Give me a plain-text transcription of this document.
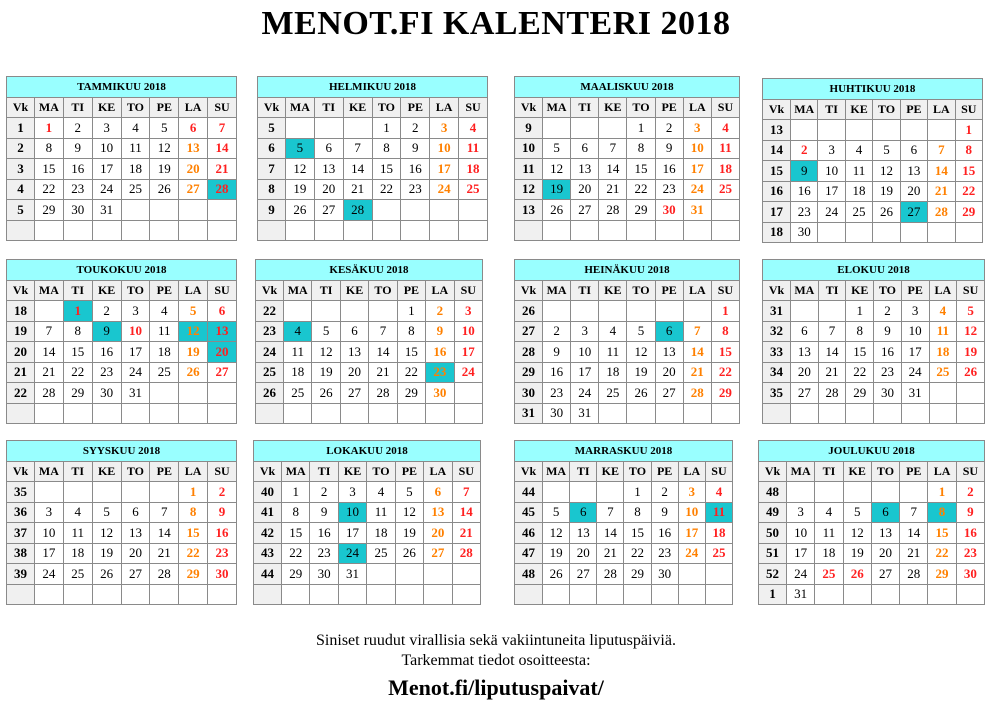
MENOT.FI KALENTERI 2018
TAMMIKUU 2018							
Vk	MA	TI	KE	TO	PE	LA	SU
1	1	2	3	4	5	6	7
2	8	9	10	11	12	13	14
3	15	16	17	18	19	20	21
4	22	23	24	25	26	27	28
5	29	30	31				

HELMIKUU 2018							
Vk	MA	TI	KE	TO	PE	LA	SU
5				1	2	3	4
6	5	6	7	8	9	10	11
7	12	13	14	15	16	17	18
8	19	20	21	22	23	24	25
9	26	27	28				

MAALISKUU 2018							
Vk	MA	TI	KE	TO	PE	LA	SU
9				1	2	3	4
10	5	6	7	8	9	10	11
11	12	13	14	15	16	17	18
12	19	20	21	22	23	24	25
13	26	27	28	29	30	31	

HUHTIKUU 2018							
Vk	MA	TI	KE	TO	PE	LA	SU
13							1
14	2	3	4	5	6	7	8
15	9	10	11	12	13	14	15
16	16	17	18	19	20	21	22
17	23	24	25	26	27	28	29
18	30						
TOUKOKUU 2018							
Vk	MA	TI	KE	TO	PE	LA	SU
18		1	2	3	4	5	6
19	7	8	9	10	11	12	13
20	14	15	16	17	18	19	20
21	21	22	23	24	25	26	27
22	28	29	30	31			

KESÄKUU 2018							
Vk	MA	TI	KE	TO	PE	LA	SU
22					1	2	3
23	4	5	6	7	8	9	10
24	11	12	13	14	15	16	17
25	18	19	20	21	22	23	24
26	25	26	27	28	29	30	

HEINÄKUU 2018							
Vk	MA	TI	KE	TO	PE	LA	SU
26							1
27	2	3	4	5	6	7	8
28	9	10	11	12	13	14	15
29	16	17	18	19	20	21	22
30	23	24	25	26	27	28	29
31	30	31					
ELOKUU 2018							
Vk	MA	TI	KE	TO	PE	LA	SU
31			1	2	3	4	5
32	6	7	8	9	10	11	12
33	13	14	15	16	17	18	19
34	20	21	22	23	24	25	26
35	27	28	29	30	31		

SYYSKUU 2018							
Vk	MA	TI	KE	TO	PE	LA	SU
35						1	2
36	3	4	5	6	7	8	9
37	10	11	12	13	14	15	16
38	17	18	19	20	21	22	23
39	24	25	26	27	28	29	30

LOKAKUU 2018							
Vk	MA	TI	KE	TO	PE	LA	SU
40	1	2	3	4	5	6	7
41	8	9	10	11	12	13	14
42	15	16	17	18	19	20	21
43	22	23	24	25	26	27	28
44	29	30	31				

MARRASKUU 2018							
Vk	MA	TI	KE	TO	PE	LA	SU
44				1	2	3	4
45	5	6	7	8	9	10	11
46	12	13	14	15	16	17	18
47	19	20	21	22	23	24	25
48	26	27	28	29	30		

JOULUKUU 2018							
Vk	MA	TI	KE	TO	PE	LA	SU
48						1	2
49	3	4	5	6	7	8	9
50	10	11	12	13	14	15	16
51	17	18	19	20	21	22	23
52	24	25	26	27	28	29	30
1	31						
Siniset ruudut virallisia sekä vakiintuneita liputuspäiviä.
Tarkemmat tiedot osoitteesta:
Menot.fi/liputuspaivat/
